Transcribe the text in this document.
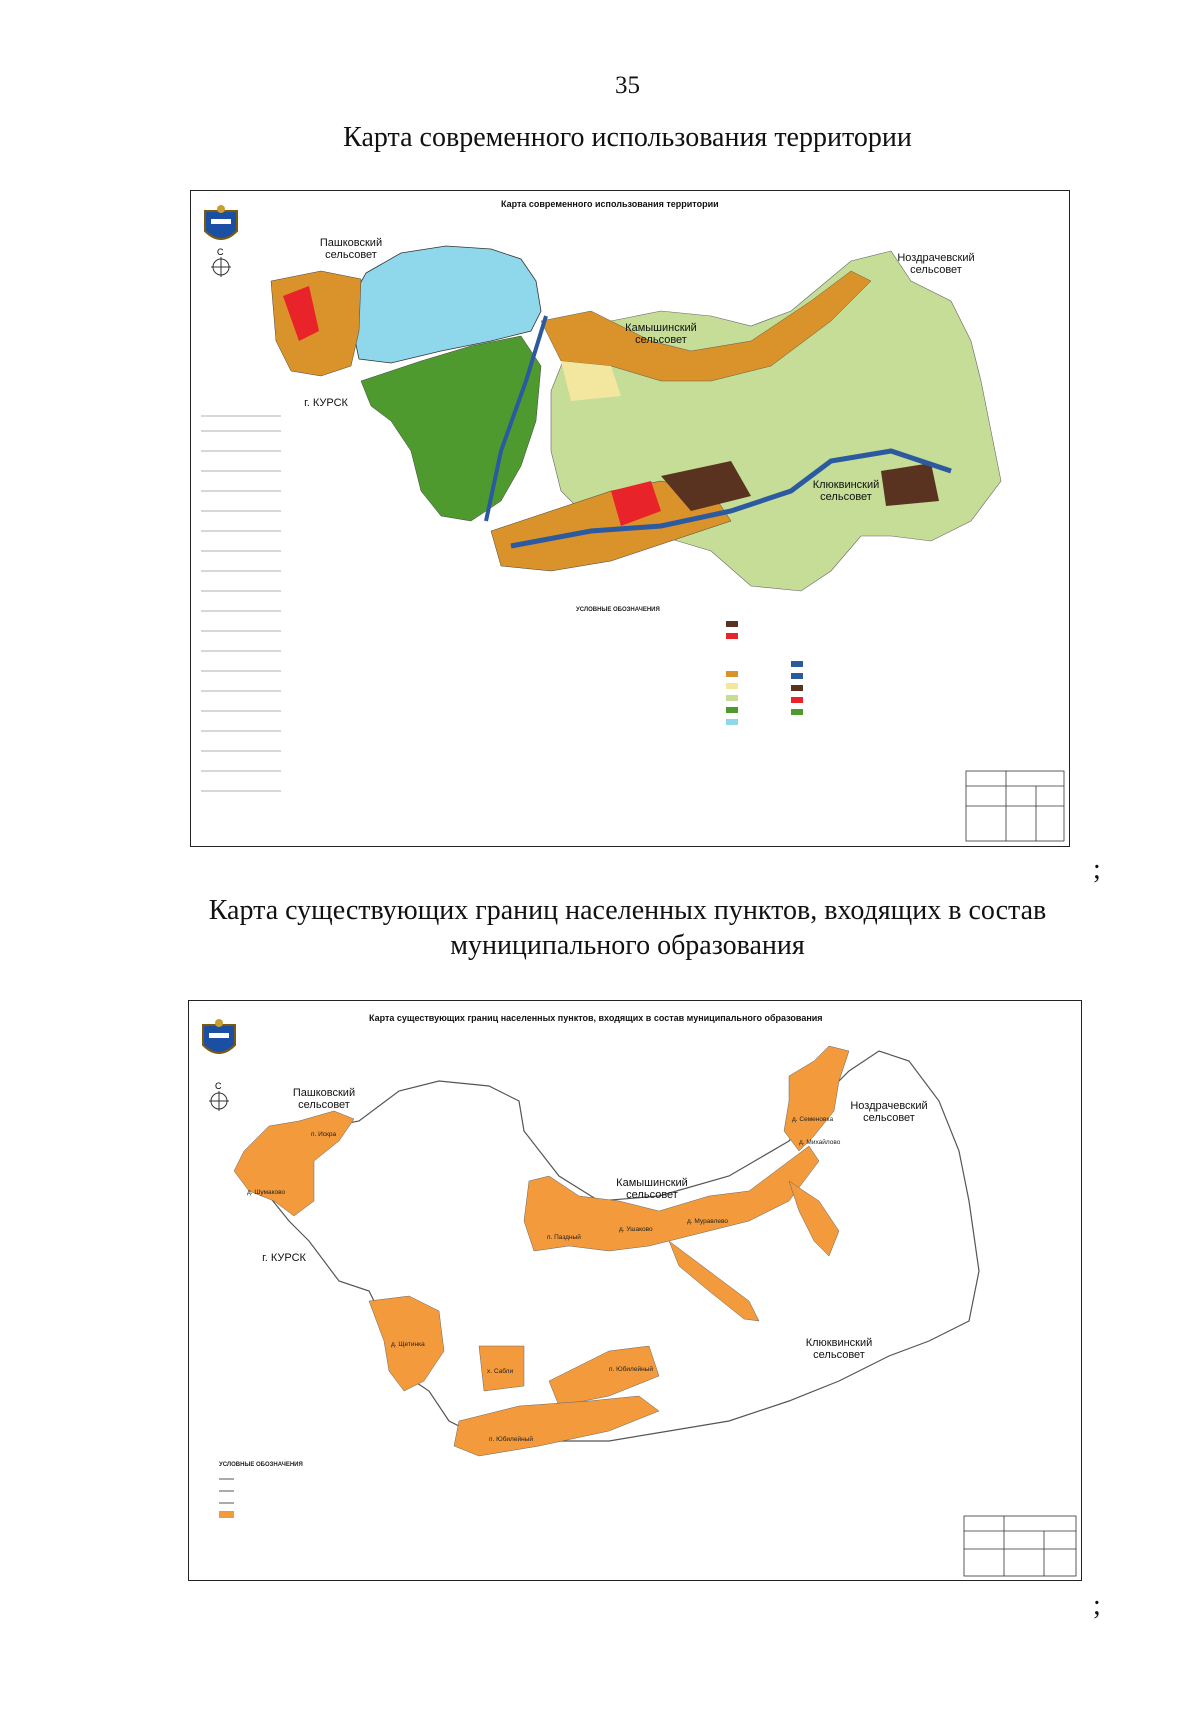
35
Карта современного использования территории
Карта современного использования территории
С
Пашковский
сельсовет
г. КУРСК
Камышинский
сельсовет
Ноздрачевский
сельсовет
Клюквинский
сельсовет
УСЛОВНЫЕ ОБОЗНАЧЕНИЯ
;
Карта существующих границ населенных пунктов, входящих в состав
муниципального образования
Карта существующих границ населенных пунктов, входящих в состав муниципального образования
С
Пашковский
сельсовет
г. КУРСК
Камышинский
сельсовет
Ноздрачевский
сельсовет
Клюквинский
сельсовет
п. Искра
д. Шумаково
п. Паздный
д. Ушаково
д. Муравлево
д. Семеновка
д. Михайлово
д. Щетинка
х. Сабли	п. Юбилейный
п. Юбилейный
УСЛОВНЫЕ ОБОЗНАЧЕНИЯ
;
